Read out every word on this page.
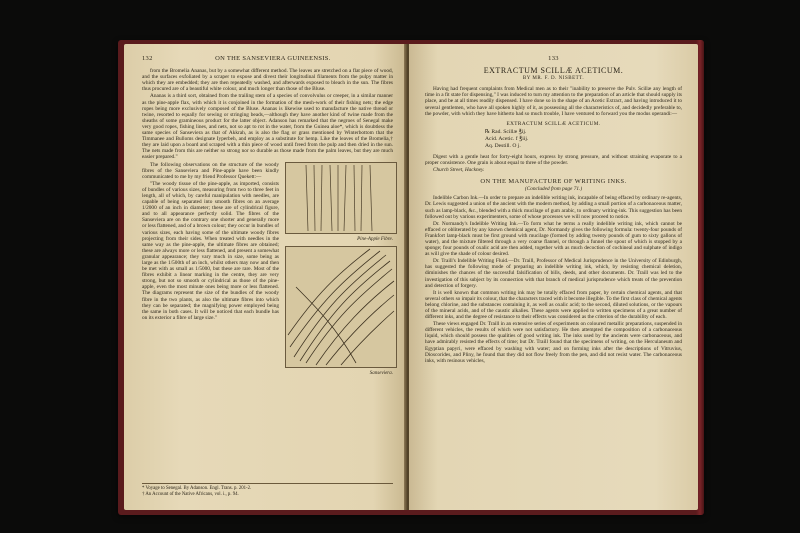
132	ON THE SANSEVIERA GUINEENSIS.

from the Bromelia Ananas, but by a somewhat different method. The leaves are stretched on a flat piece of wood, and the surfaces exfoliated by a scraper to expose and divest their longitudinal filaments from the pulpy matter in which they are embedded; they are then repeatedly washed, and afterwards exposed to bleach in the sun. The fibres thus procured are of a beautiful white colour, and much longer than those of the Bluse.

Ananas is a third sort, obtained from the trailing stem of a species of convolvulus or creeper, in a similar manner as the pine-apple flax, with which it is conjoined in the formation of the mesh-work of their fishing nets; the edge ropes being more exclusively composed of the Bluse. Ananas is likewise used to manufacture the native thread or twine, resorted to equally for sewing or stringing beads,—although they have another kind of twine made from the sheaths of some gramineous product for the latter object. Adanson has remarked that the negroes of Senegal make very good ropes, fishing lines, and nets, not so apt to rot in the water, from the Guinea aloe*, which is doubtless the same species of Sanseviera as that of Akkrah, as is also the flag or grass mentioned by Winterbottom that the Timmanee and Bulloms designate Iyperbeh, and employ as a substitute for hemp. Like the leaves of the Bromelia,† they are laid upon a board and scraped with a thin piece of wood until freed from the pulp and then dried in the sun. The nets made from this are neither so strong nor so durable as those made from the palm leaves, but they are much easier prepared."

Pine-Apple Fibre.
Sanseviera.

The following observations on the structure of the woody fibres of the Sanseviera and Pine-apple have been kindly communicated to me by my friend Professor Quekett:—

"The woody tissue of the pine-apple, as imported, consists of bundles of various sizes, measuring from two to three feet in length, all of which, by careful manipulation with needles, are capable of being separated into smooth fibres on an average 1/2000 of an inch in diameter; these are of cylindrical figure, and to all appearance perfectly solid. The fibres of the Sanseviera are on the contrary one shorter and generally more or less flattened, and of a brown colour; they occur in bundles of various sizes, each having some of the ultimate woody fibres projecting from their sides. When treated with needles in the same way as the pine-apple, the ultimate fibres are obtained; these are always more or less flattened, and present a somewhat granular appearance; they vary much in size, some being as large as the 1/500th of an inch, whilst others may now and then be met with as small as 1/5000, but these are rare. Most of the fibres exhibit a linear marking in the centre, they are very strong, but not so smooth or cylindrical as those of the pine-apple, even the most minute ones being more or less flattened. The diagrams represent the size of the bundles of the woody fibre in the two plants, as also the ultimate fibres into which they can be separated; the magnifying power employed being the same in both cases. It will be noticed that each bundle has on its exterior a fibre of large size."

* Voyage to Senegal. By Adanson. Engl. Trans. p. 201-2.
† An Account of the Native Africans, vol. i., p. 94.
133
EXTRACTUM SCILLÆ ACETICUM.
BY MR. F. D. NISBETT.

Having had frequent complaints from Medical men as to their "inability to preserve the Pulv. Scillæ any length of time in a fit state for dispensing," I was induced to turn my attention to the preparation of an article that should supply its place, and be at all times readily dispensed. I have done so in the shape of an Acetic Extract, and having introduced it to several gentlemen, who have all spoken highly of it, as possessing all the characteristics of, and decidedly preferable to, the powder, with which they have hitherto had so much trouble, I have ventured to forward you the modus operandi:—

EXTRACTUM SCILLÆ ACETICUM.
℞ Rad. Scillæ ℥ij.
Acid. Acetic. f ℥iij.
Aq. Destill. O j.

Digest with a gentle heat for forty-eight hours, express by strong pressure, and without straining evaporate to a proper consistence. One grain is about equal to three of the powder.

Church Street, Hackney.

ON THE MANUFACTURE OF WRITING INKS.
(Concluded from page 71.)

Indelible Carbon Ink.—In order to prepare an indelible writing ink, incapable of being effaced by ordinary re-agents, Dr. Lewis suggested a union of the ancient with the modern method, by adding a small portion of a carbonaceous matter, such as lamp-black, &c., blended with a thick mucilage of gum arabic, to ordinary writing-ink. This suggestion has been followed out by various experimenters, some of whose processes we will now proceed to notice.

Dr. Normandy's Indelible Writing Ink.—To form what he terms a really indelible writing ink, which cannot be effaced or obliterated by any known chemical agent, Dr. Normandy gives the following formula: twenty-four pounds of Frankfort lamp-black must be first ground with mucilage (formed by adding twenty pounds of gum to sixty gallons of water), and the mixture filtered through a very coarse flannel, or through a funnel the spout of which is stopped by a sponge; four pounds of oxalic acid are then added, together with as much decoction of cochineal and sulphate of indigo as will give the shade of colour desired.

Dr. Traill's Indelible Writing Fluid.—Dr. Traill, Professor of Medical Jurisprudence in the University of Edinburgh, has suggested the following mode of preparing an indelible writing ink, which, by resisting chemical deletion, diminishes the chances of the successful falsification of bills, deeds, and other documents. Dr. Traill was led to the investigation of this subject by its connection with that branch of medical jurisprudence which treats of the prevention and detection of forgery.

It is well known that common writing ink may be totally effaced from paper, by certain chemical agents, and that several others so impair its colour, that the characters traced with it become illegible. To the first class of chemical agents belong chlorine, and the substances containing it, as well as oxalic acid; to the second, diluted solutions, or the vapours of the mineral acids, and of the caustic alkalies. These agents were applied to written specimens of a great number of different inks, and the degree of resistance to their effects was considered as the criterion of the durability of each.

These views engaged Dr. Traill in an extensive series of experiments on coloured metallic preparations, suspended in different vehicles, the results of which were not satisfactory. He then attempted the composition of a carbonaceous liquid, which should possess the qualities of good writing ink. The inks used by the ancients were carbonaceous, and have admirably resisted the effects of time; but Dr. Traill found that the specimens of writing, on the Herculaneum and Egyptian papyri, were effaced by washing with water; and on forming inks after the descriptions of Vitruvius, Dioscorides, and Pliny, he found that they did not flow freely from the pen, and did not resist water. The carbonaceous inks, with resinous vehicles,
